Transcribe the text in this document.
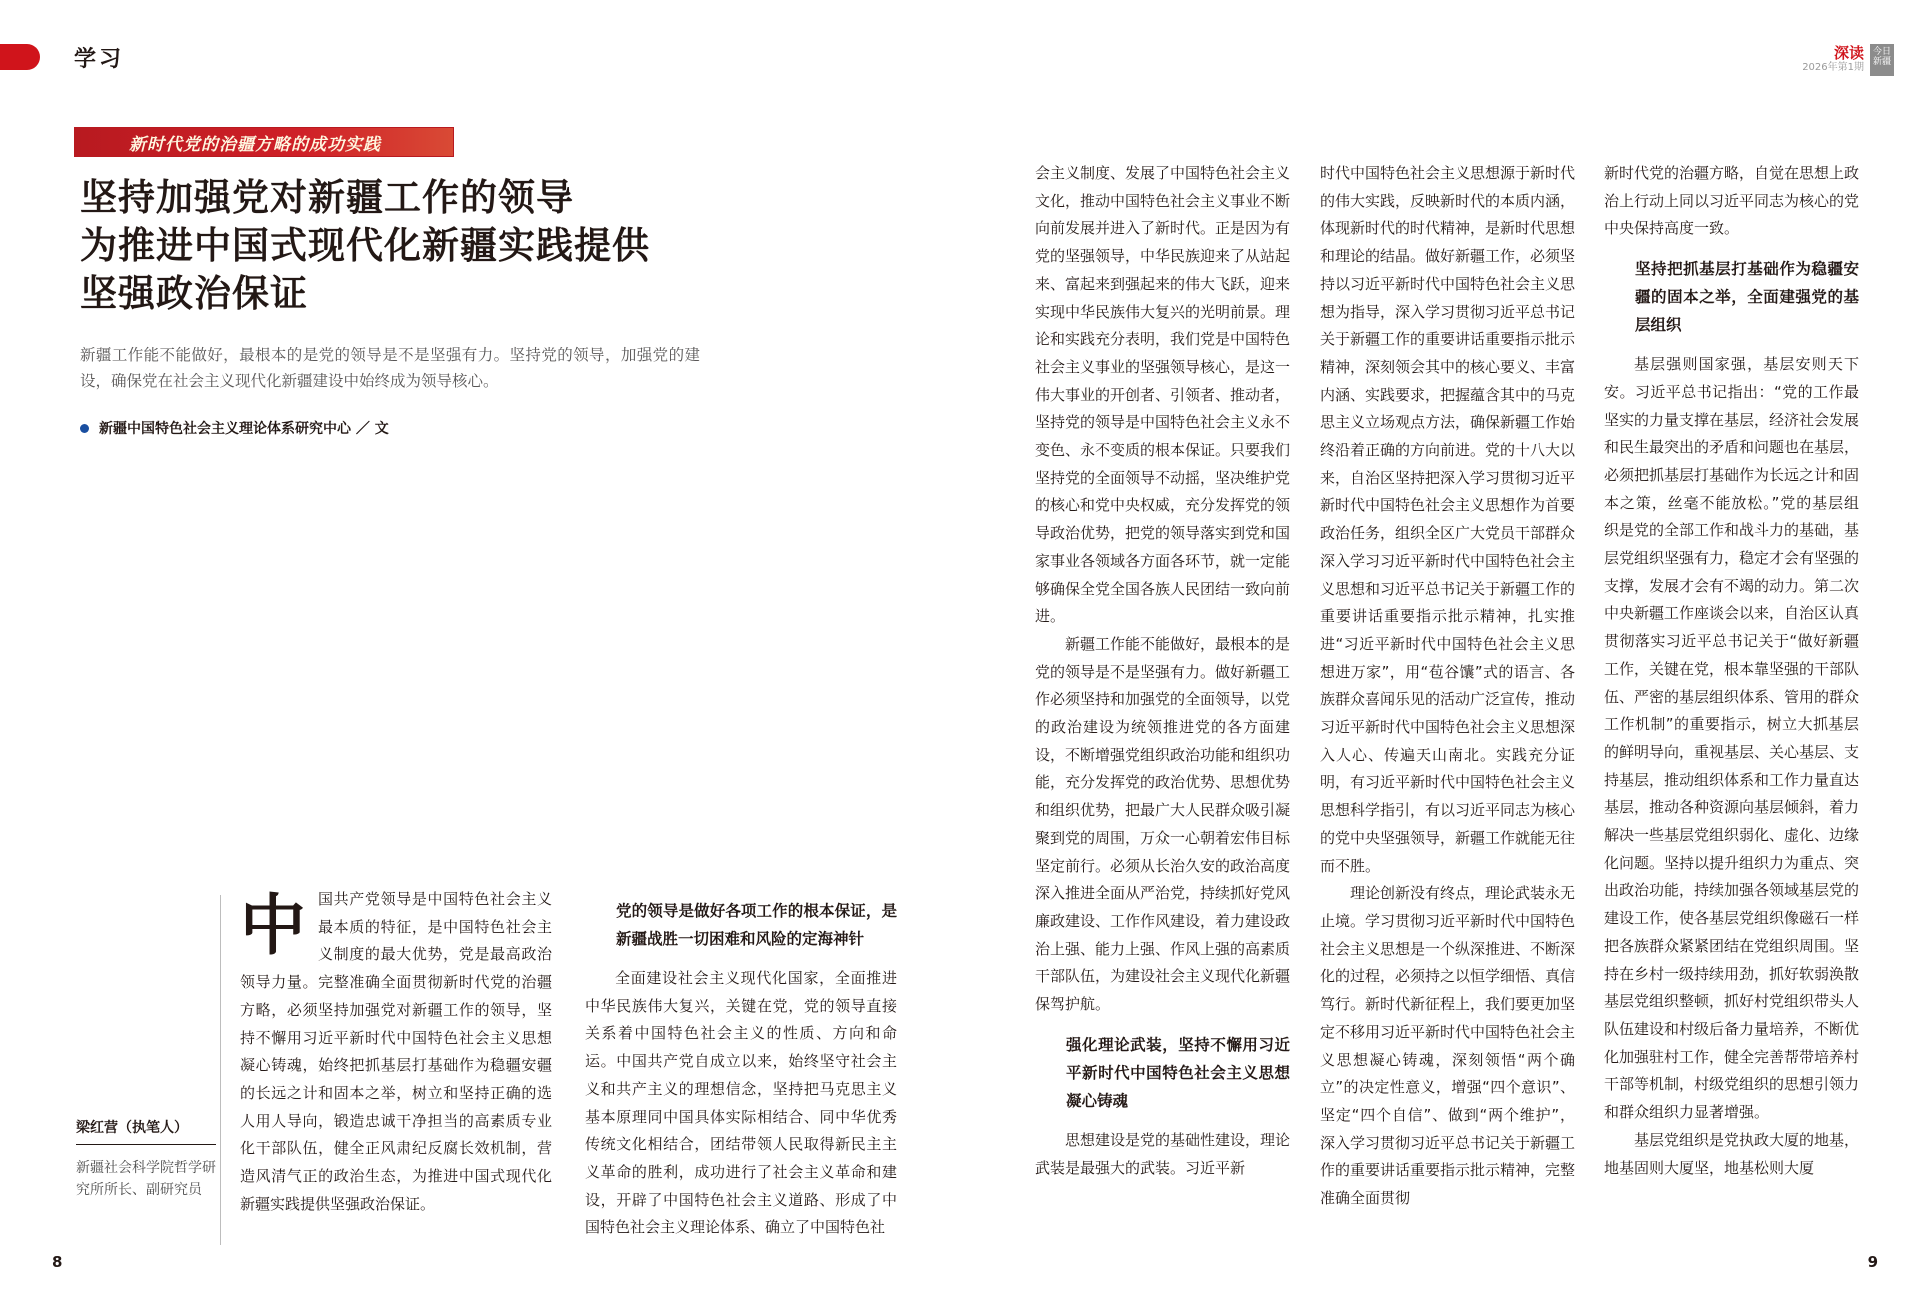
学习	深读
2026年第1期
今日新疆
新时代党的治疆方略的成功实践
坚持加强党对新疆工作的领导
为推进中国式现代化新疆实践提供
坚强政治保证
新疆工作能不能做好，最根本的是党的领导是不是坚强有力。坚持党的领导，加强党的建设，确保党在社会主义现代化新疆建设中始终成为领导核心。
新疆中国特色社会主义理论体系研究中心 ／ 文
梁红营（执笔人）
新疆社会科学院哲学研究所所长、副研究员
中 国共产党领导是中国特色社会主义最本质的特征，是中国特色社会主义制度的最大优势，党是最高政治领导力量。完整准确全面贯彻新时代党的治疆方略，必须坚持加强党对新疆工作的领导，坚持不懈用习近平新时代中国特色社会主义思想凝心铸魂，始终把抓基层打基础作为稳疆安疆的长远之计和固本之举，树立和坚持正确的选人用人导向，锻造忠诚干净担当的高素质专业化干部队伍，健全正风肃纪反腐长效机制，营造风清气正的政治生态，为推进中国式现代化新疆实践提供坚强政治保证。

党的领导是做好各项工作的根本保证，是新疆战胜一切困难和风险的定海神针

全面建设社会主义现代化国家，全面推进中华民族伟大复兴，关键在党，党的领导直接关系着中国特色社会主义的性质、方向和命运。中国共产党自成立以来，始终坚守社会主义和共产主义的理想信念，坚持把马克思主义基本原理同中国具体实际相结合、同中华优秀传统文化相结合，团结带领人民取得新民主主义革命的胜利，成功进行了社会主义革命和建设，开辟了中国特色社会主义道路、形成了中国特色社会主义理论体系、确立了中国特色社

会主义制度、发展了中国特色社会主义文化，推动中国特色社会主义事业不断向前发展并进入了新时代。正是因为有党的坚强领导，中华民族迎来了从站起来、富起来到强起来的伟大飞跃，迎来实现中华民族伟大复兴的光明前景。理论和实践充分表明，我们党是中国特色社会主义事业的坚强领导核心，是这一伟大事业的开创者、引领者、推动者，坚持党的领导是中国特色社会主义永不变色、永不变质的根本保证。只要我们坚持党的全面领导不动摇，坚决维护党的核心和党中央权威，充分发挥党的领导政治优势，把党的领导落实到党和国家事业各领域各方面各环节，就一定能够确保全党全国各族人民团结一致向前进。

新疆工作能不能做好，最根本的是党的领导是不是坚强有力。做好新疆工作必须坚持和加强党的全面领导，以党的政治建设为统领推进党的各方面建设，不断增强党组织政治功能和组织功能，充分发挥党的政治优势、思想优势和组织优势，把最广大人民群众吸引凝聚到党的周围，万众一心朝着宏伟目标坚定前行。必须从长治久安的政治高度深入推进全面从严治党，持续抓好党风廉政建设、工作作风建设，着力建设政治上强、能力上强、作风上强的高素质干部队伍，为建设社会主义现代化新疆保驾护航。

强化理论武装，坚持不懈用习近平新时代中国特色社会主义思想凝心铸魂

思想建设是党的基础性建设，理论武装是最强大的武装。习近平新

时代中国特色社会主义思想源于新时代的伟大实践，反映新时代的本质内涵，体现新时代的时代精神，是新时代思想和理论的结晶。做好新疆工作，必须坚持以习近平新时代中国特色社会主义思想为指导，深入学习贯彻习近平总书记关于新疆工作的重要讲话重要指示批示精神，深刻领会其中的核心要义、丰富内涵、实践要求，把握蕴含其中的马克思主义立场观点方法，确保新疆工作始终沿着正确的方向前进。党的十八大以来，自治区坚持把深入学习贯彻习近平新时代中国特色社会主义思想作为首要政治任务，组织全区广大党员干部群众深入学习习近平新时代中国特色社会主义思想和习近平总书记关于新疆工作的重要讲话重要指示批示精神，扎实推进“习近平新时代中国特色社会主义思想进万家”，用“苞谷馕”式的语言、各族群众喜闻乐见的活动广泛宣传，推动习近平新时代中国特色社会主义思想深入人心、传遍天山南北。实践充分证明，有习近平新时代中国特色社会主义思想科学指引，有以习近平同志为核心的党中央坚强领导，新疆工作就能无往而不胜。

理论创新没有终点，理论武装永无止境。学习贯彻习近平新时代中国特色社会主义思想是一个纵深推进、不断深化的过程，必须持之以恒学细悟、真信笃行。新时代新征程上，我们要更加坚定不移用习近平新时代中国特色社会主义思想凝心铸魂，深刻领悟“两个确立”的决定性意义，增强“四个意识”、坚定“四个自信”、做到“两个维护”，深入学习贯彻习近平总书记关于新疆工作的重要讲话重要指示批示精神，完整准确全面贯彻

新时代党的治疆方略，自觉在思想上政治上行动上同以习近平同志为核心的党中央保持高度一致。

坚持把抓基层打基础作为稳疆安疆的固本之举，全面建强党的基层组织

基层强则国家强，基层安则天下安。习近平总书记指出：“党的工作最坚实的力量支撑在基层，经济社会发展和民生最突出的矛盾和问题也在基层，必须把抓基层打基础作为长远之计和固本之策，丝毫不能放松。”党的基层组织是党的全部工作和战斗力的基础，基层党组织坚强有力，稳定才会有坚强的支撑，发展才会有不竭的动力。第二次中央新疆工作座谈会以来，自治区认真贯彻落实习近平总书记关于“做好新疆工作，关键在党，根本靠坚强的干部队伍、严密的基层组织体系、管用的群众工作机制”的重要指示，树立大抓基层的鲜明导向，重视基层、关心基层、支持基层，推动组织体系和工作力量直达基层，推动各种资源向基层倾斜，着力解决一些基层党组织弱化、虚化、边缘化问题。坚持以提升组织力为重点、突出政治功能，持续加强各领域基层党的建设工作，使各基层党组织像磁石一样把各族群众紧紧团结在党组织周围。坚持在乡村一级持续用劲，抓好软弱涣散基层党组织整顿，抓好村党组织带头人队伍建设和村级后备力量培养，不断优化加强驻村工作，健全完善帮带培养村干部等机制，村级党组织的思想引领力和群众组织力显著增强。

基层党组织是党执政大厦的地基，地基固则大厦坚，地基松则大厦

8	9
